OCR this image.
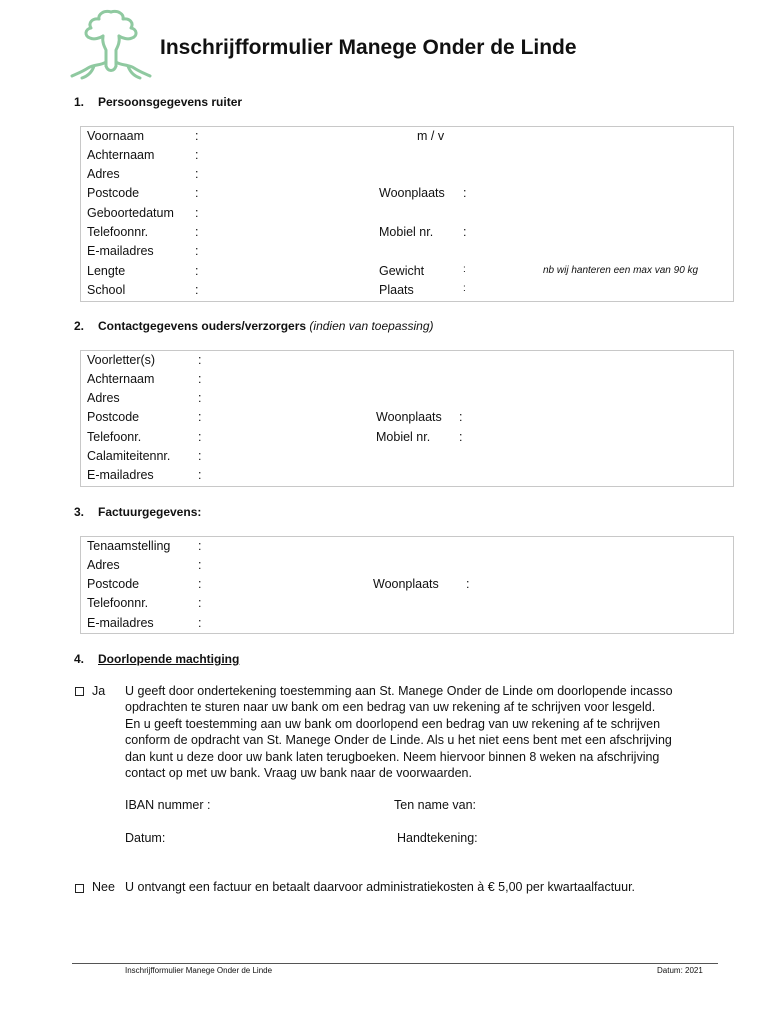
Inschrijfformulier Manege Onder de Linde
1. Persoonsgegevens ruiter
Voornaam	:	m / v
Achternaam	:
Adres	:
Postcode	:	Woonplaats :
Geboortedatum :
Telefoonnr.	:	Mobiel nr. :
E-mailadres	:
Lengte	:	Gewicht	:	nb wij hanteren een max van 90 kg
School	:	Plaats	:
2. Contactgegevens ouders/verzorgers (indien van toepassing)
Voorletter(s)	:
Achternaam	:
Adres	:
Postcode	:	Woonplaats :
Telefoonr.	:	Mobiel nr. :
Calamiteitennr. :
E-mailadres	:
3. Factuurgegevens:
Tenaamstelling :
Adres	:
Postcode	:	Woonplaats :
Telefoonnr.	:
E-mailadres	:
4. Doorlopende machtiging
Ja U geeft door ondertekening toestemming aan St. Manege Onder de Linde om doorlopende incasso
opdrachten te sturen naar uw bank om een bedrag van uw rekening af te schrijven voor lesgeld.
En u geeft toestemming aan uw bank om doorlopend een bedrag van uw rekening af te schrijven
conform de opdracht van St. Manege Onder de Linde. Als u het niet eens bent met een afschrijving
dan kunt u deze door uw bank laten terugboeken. Neem hiervoor binnen 8 weken na afschrijving
contact op met uw bank. Vraag uw bank naar de voorwaarden.
IBAN nummer :	Ten name van:
Datum:	Handtekening:
Nee U ontvangt een factuur en betaalt daarvoor administratiekosten à € 5,00 per kwartaalfactuur.
Inschrijfformulier Manege Onder de Linde	Datum: 2021
